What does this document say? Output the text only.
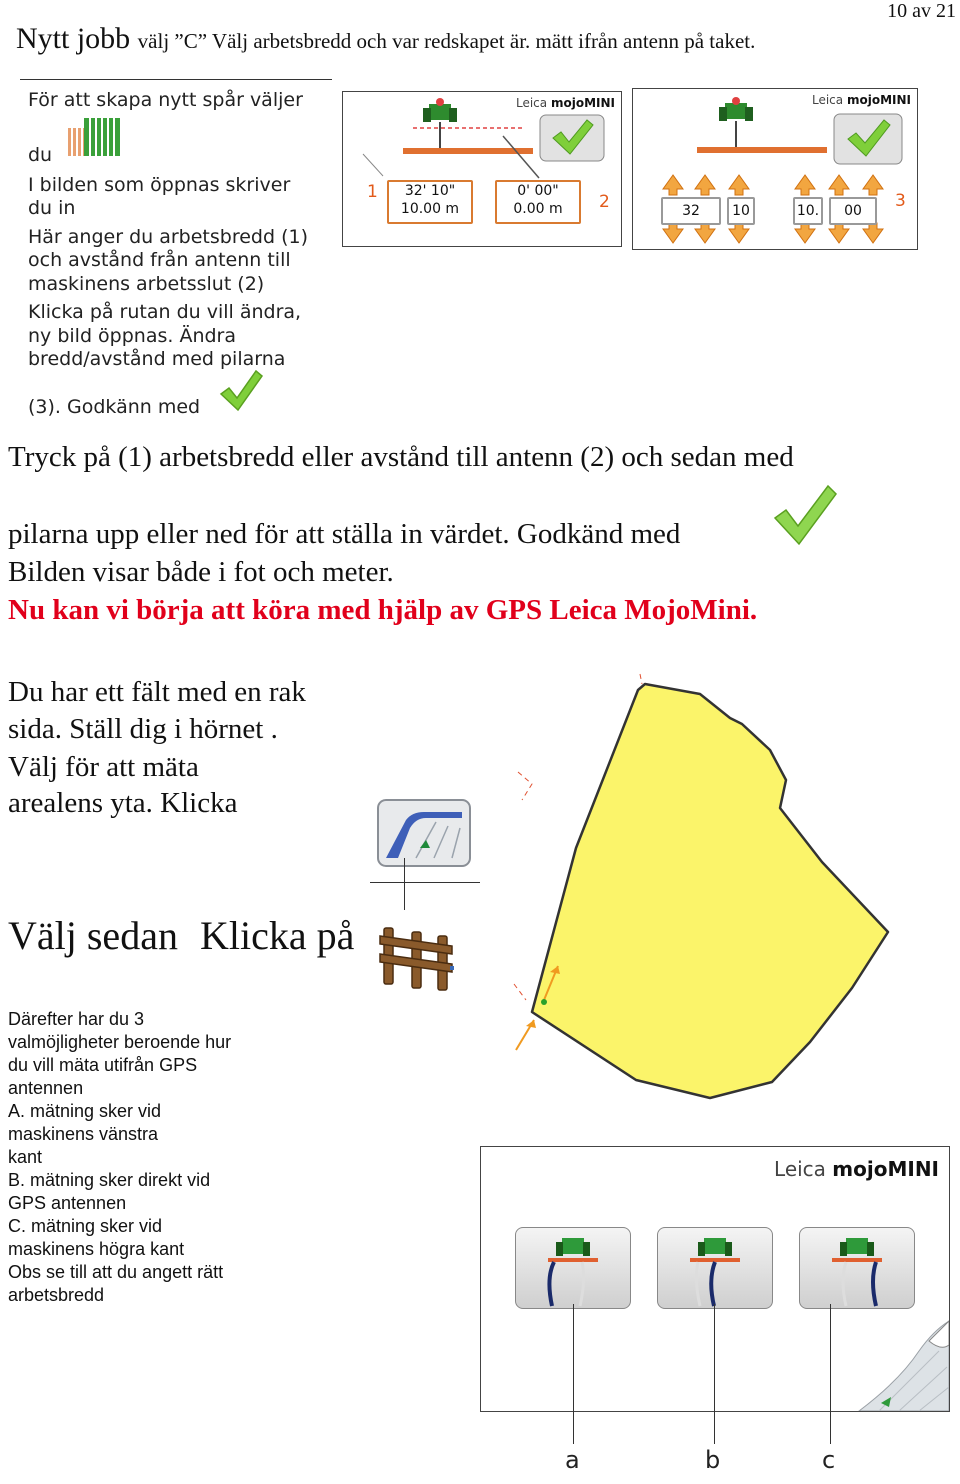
10 av 21
Nytt jobb välj ”C” Välj arbetsbredd och var redskapet är. mätt ifrån antenn på taket.
För att skapa nytt spår väljer
du
I bilden som öppnas skriver
du in
Här anger du arbetsbredd (1)
och avstånd från antenn till
maskinens arbetsslut (2)
Klicka på rutan du vill ändra,
ny bild öppnas. Ändra
bredd/avstånd med pilarna
(3). Godkänn med
Leica mojoMINI
32' 10"
10.00 m
0' 00"
0.00 m
1	2
Leica mojoMINI
32	10	10.	00	3
Tryck på (1) arbetsbredd eller avstånd till antenn (2) och sedan med
pilarna upp eller ned för att ställa in värdet. Godkänd med
Bilden visar både i fot och meter.
Nu kan vi börja att köra med hjälp av GPS Leica MojoMini.
Du har ett fält med en rak
sida. Ställ dig i hörnet .
Välj för att mäta
arealens yta. Klicka
Välj sedan Klicka på
Därefter har du 3
valmöjligheter beroende hur
du vill mäta utifrån GPS
antennen
A. mätning sker vid
maskinens vänstra
kant
B. mätning sker direkt vid
GPS antennen
C. mätning sker vid
maskinens högra kant
Obs se till att du angett rätt
arbetsbredd
Leica mojoMINI
a	b	c
